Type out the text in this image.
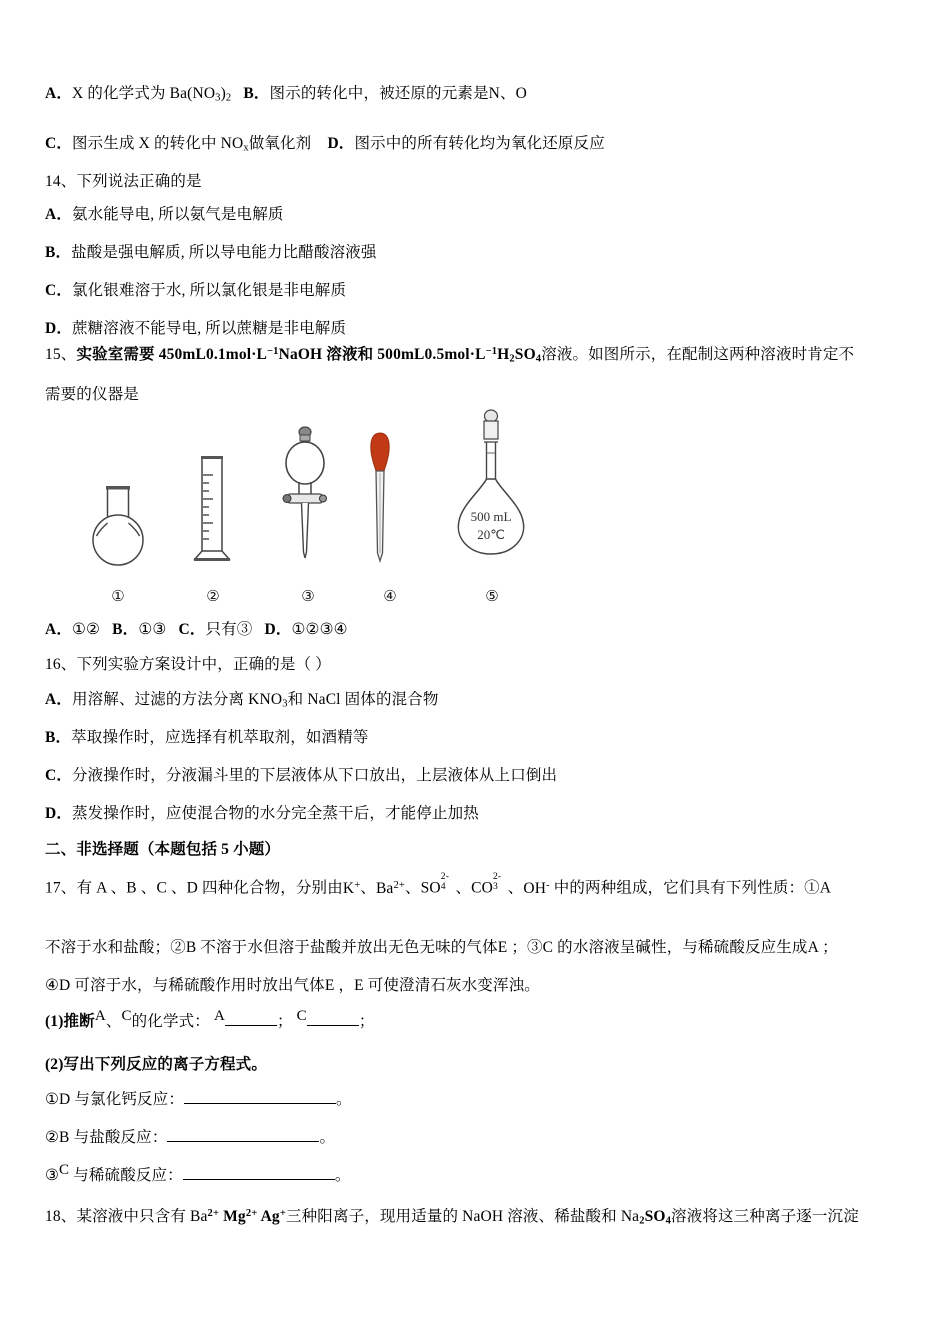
A．X 的化学式为 $Ba(NO_3)_2$ B．图示的转化中，被还原的元素是N、O
C．图示生成 X 的转化中 $NO_x$做氧化剂 D．图示中的所有转化均为氧化还原反应
14、下列说法正确的是
A．氨水能导电, 所以氨气是电解质
B．盐酸是强电解质, 所以导电能力比醋酸溶液强
C．氯化银难溶于水, 所以氯化银是非电解质
D．蔗糖溶液不能导电, 所以蔗糖是非电解质
15、实验室需要 $450mL0.1mol\cdot L^{-1}NaOH$ 溶液和 $500mL0.5mol\cdot L^{-1}H_2SO_4$溶液。如图所示，在配制这两种溶液时肯定不
需要的仪器是
①	②	③	④
500 mL
20℃
⑤
A．①② B．①③ C．只有③ D．①②③④
16、下列实验方案设计中，正确的是（ ）
A．用溶解、过滤的方法分离 $KNO_3$和 NaCl 固体的混合物
B．萃取操作时，应选择有机萃取剂，如酒精等
C．分液操作时，分液漏斗里的下层液体从下口放出，上层液体从上口倒出
D．蒸发操作时，应使混合物的水分完全蒸干后，才能停止加热
二、非选择题（本题包括 5 小题）
17、有 A 、B 、C 、D 四种化合物，分别由K+、$Ba^{2+}$、SO
2-
4 、CO
2-
3 、OH- 中的两种组成，它们具有下列性质：①A
不溶于水和盐酸；②B 不溶于水但溶于盐酸并放出无色无味的气体E ；③C 的水溶液呈碱性，与稀硫酸反应生成A ；
④D 可溶于水，与稀硫酸作用时放出气体E ，E 可使澄清石灰水变浑浊。
(1)推断A、C的化学式： A	； C	；
(2)写出下列反应的离子方程式。
①D 与氯化钙反应：	。
②B 与盐酸反应：	。
③C 与稀硫酸反应：	。
18、某溶液中只含有 $Ba^{2+}$ $Mg^{2+}$ Ag+三种阳离子，现用适量的 NaOH 溶液、稀盐酸和 $Na_2SO_4$溶液将这三种离子逐一沉淀
